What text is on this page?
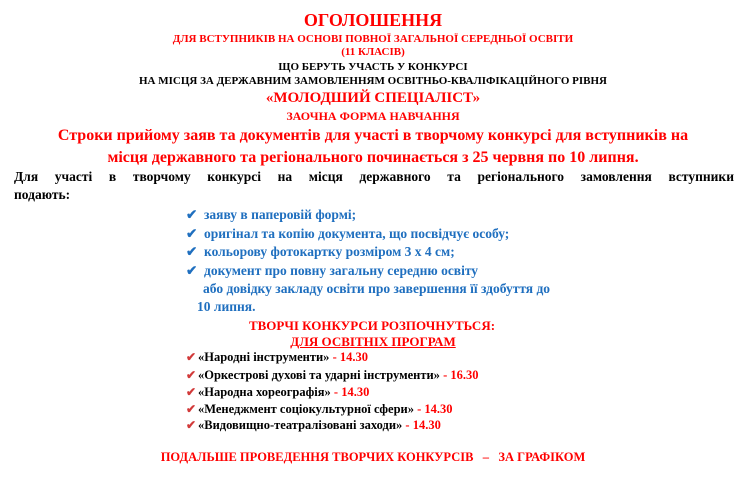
ОГОЛОШЕННЯ
ДЛЯ ВСТУПНИКІВ НА ОСНОВІ ПОВНОЇ ЗАГАЛЬНОЇ СЕРЕДНЬОЇ ОСВІТИ
(11 КЛАСІВ)
ЩО БЕРУТЬ УЧАСТЬ У КОНКУРСІ
НА МІСЦЯ ЗА ДЕРЖАВНИМ ЗАМОВЛЕННЯМ ОСВІТНЬО-КВАЛІФІКАЦІЙНОГО РІВНЯ
«МОЛОДШИЙ СПЕЦІАЛІСТ»
ЗАОЧНА ФОРМА НАВЧАННЯ
Строки прийому заяв та документів для участі в творчому конкурсі для вступників на
місця державного та регіонального починається з 25 червня по 10 липня.
Для участі в творчому конкурсі на місця державного та регіонального замовлення вступники
подають:
✔ заяву в паперовій формі;
✔ оригінал та копію документа, що посвідчує особу;
✔ кольорову фотокартку розміром 3 х 4 см;
✔ документ про повну загальну середню освіту
або довідку закладу освіти про завершення її здобуття до
10 липня.
ТВОРЧІ КОНКУРСИ РОЗПОЧНУТЬСЯ:
ДЛЯ ОСВІТНІХ ПРОГРАМ
✔ «Народні інструменти» - 14.30
✔ «Оркестрові духові та ударні інструменти» - 16.30
✔ «Народна хореографія» - 14.30
✔ «Менеджмент соціокультурної сфери» - 14.30
✔ «Видовищно-театралізовані заходи» - 14.30
ПОДАЛЬШЕ ПРОВЕДЕННЯ ТВОРЧИХ КОНКУРСІВ   –   ЗА ГРАФІКОМ
